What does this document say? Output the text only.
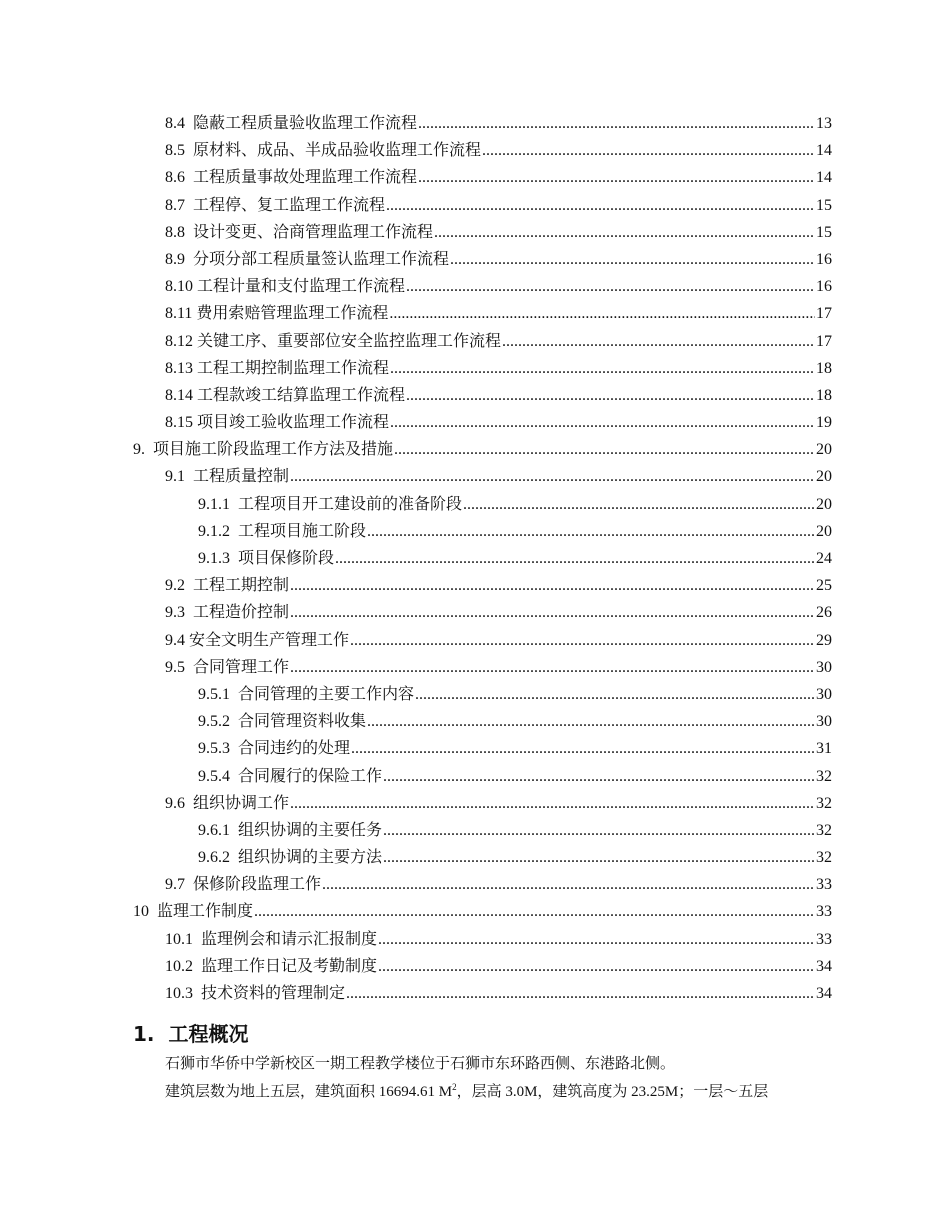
8.4  隐蔽工程质量验收监理工作流程 .....	13
8.5  原材料、成品、半成品验收监理工作流程 .....	14
8.6  工程质量事故处理监理工作流程 .....	14
8.7  工程停、复工监理工作流程 .....	15
8.8  设计变更、洽商管理监理工作流程 .....	15
8.9  分项分部工程质量签认监理工作流程 .....	16
8.10 工程计量和支付监理工作流程 .....	16
8.11 费用索赔管理监理工作流程 .....	17
8.12 关键工序、重要部位安全监控监理工作流程 .....	17
8.13 工程工期控制监理工作流程 .....	18
8.14 工程款竣工结算监理工作流程 .....	18
8.15 项目竣工验收监理工作流程 .....	19
9.  项目施工阶段监理工作方法及措施 .....	20
9.1  工程质量控制 .....	20
9.1.1  工程项目开工建设前的准备阶段 .....	20
9.1.2  工程项目施工阶段 .....	20
9.1.3  项目保修阶段 .....	24
9.2  工程工期控制 .....	25
9.3  工程造价控制 .....	26
9.4 安全文明生产管理工作 .....	29
9.5  合同管理工作 .....	30
9.5.1  合同管理的主要工作内容 .....	30
9.5.2  合同管理资料收集 .....	30
9.5.3  合同违约的处理 .....	31
9.5.4  合同履行的保险工作 .....	32
9.6  组织协调工作 .....	32
9.6.1  组织协调的主要任务 .....	32
9.6.2  组织协调的主要方法 .....	32
9.7  保修阶段监理工作 .....	33
10  监理工作制度 .....	33
10.1  监理例会和请示汇报制度 .....	33
10.2  监理工作日记及考勤制度 .....	34
10.3  技术资料的管理制定 .....	34
1. 工程概况
石狮市华侨中学新校区一期工程教学楼位于石狮市东环路西侧、东港路北侧。
建筑层数为地上五层，建筑面积 16694.61 $M^2$，层高 3.0M，建筑高度为 23.25M；一层～五层
